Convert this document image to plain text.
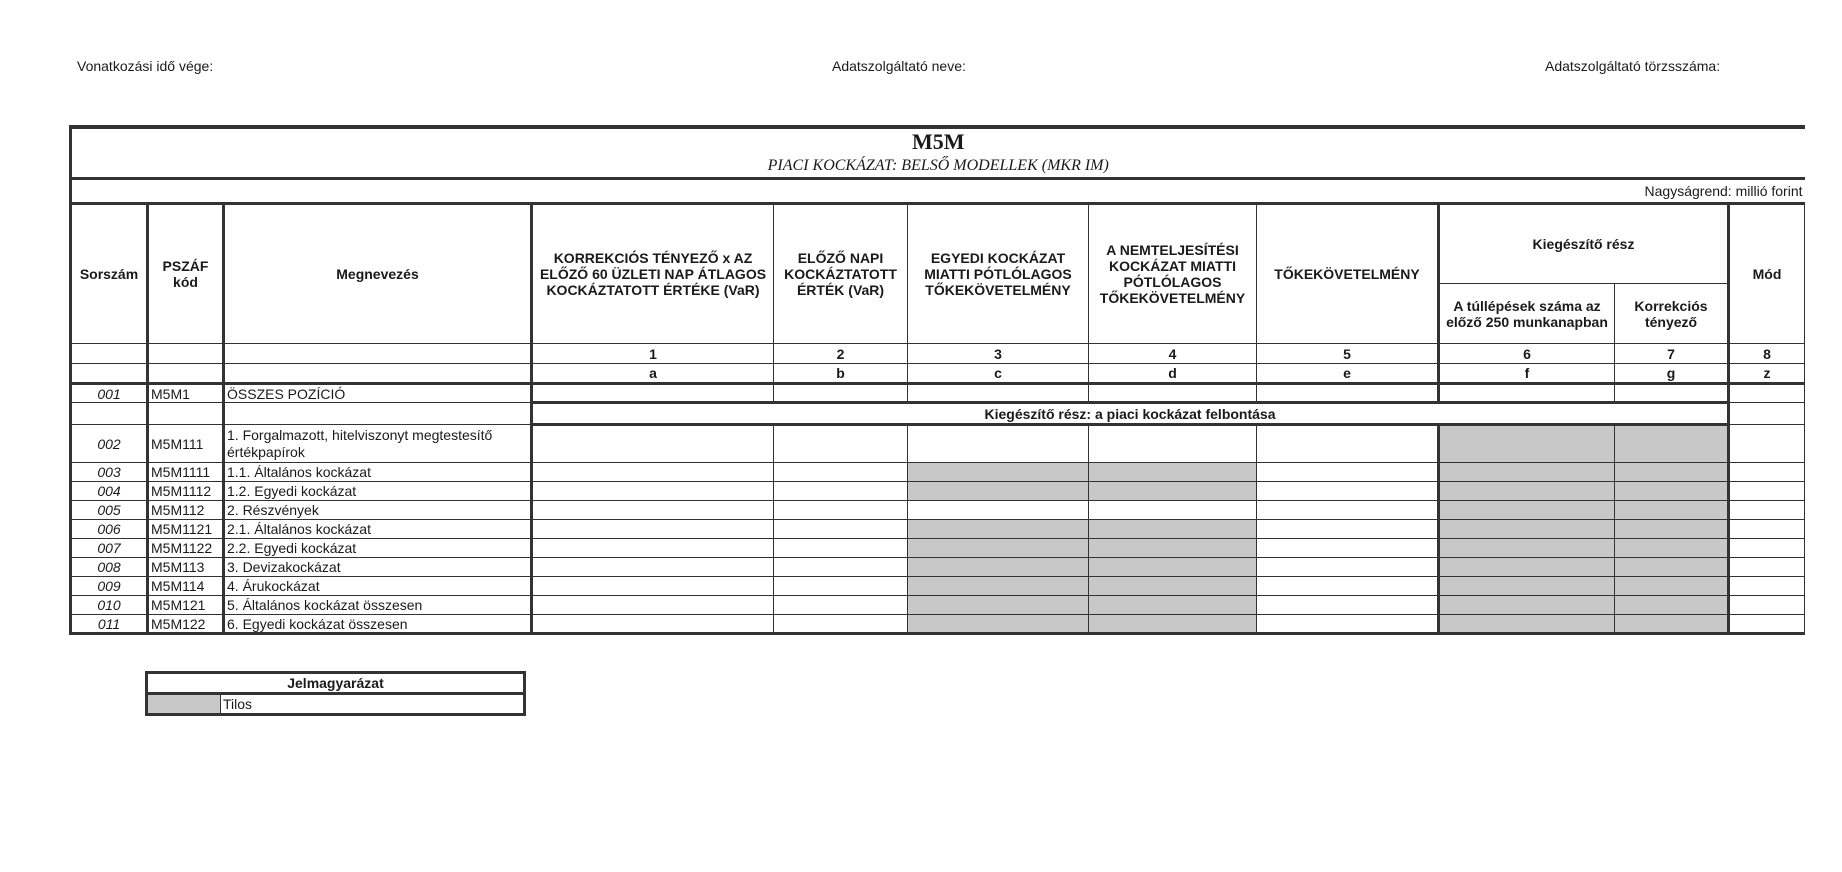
Vonatkozási idő vége:	Adatszolgáltató neve:	Adatszolgáltató törzsszáma:
M5M
PIACI KOCKÁZAT: BELSŐ MODELLEK (MKR IM)										

Nagyságrend: millió forint										
Sorszám	PSZÁF kód	Megnevezés	KORREKCIÓS TÉNYEZŐ x AZ ELŐZŐ 60 ÜZLETI NAP ÁTLAGOS KOCKÁZTATOTT ÉRTÉKE (VaR)	ELŐZŐ NAPI KOCKÁZTATOTT ÉRTÉK (VaR)	EGYEDI KOCKÁZAT MIATTI PÓTLÓLAGOS TŐKEKÖVETELMÉNY	A NEMTELJESÍTÉSI KOCKÁZAT MIATTI PÓTLÓLAGOS TŐKEKÖVETELMÉNY	TŐKEKÖVETELMÉNY	Kiegészítő rész		Mód
								A túllépések száma az előző 250 munkanapban	Korrekciós tényező	
			1	2	3	4	5	6	7	8
			a	b	c	d	e	f	g	z
001	M5M1	ÖSSZES POZÍCIÓ								
			Kiegészítő rész: a piaci kockázat felbontása							
002	M5M111	1. Forgalmazott, hitelviszonyt megtestesítő értékpapírok								
003	M5M1111	1.1. Általános kockázat								
004	M5M1112	1.2. Egyedi kockázat								
005	M5M112	2. Részvények								
006	M5M1121	2.1. Általános kockázat								
007	M5M1122	2.2. Egyedi kockázat								
008	M5M113	3. Devizakockázat								
009	M5M114	4. Árukockázat								
010	M5M121	5. Általános kockázat összesen								
011	M5M122	6. Egyedi kockázat összesen								
Jelmagyarázat
	Tilos
